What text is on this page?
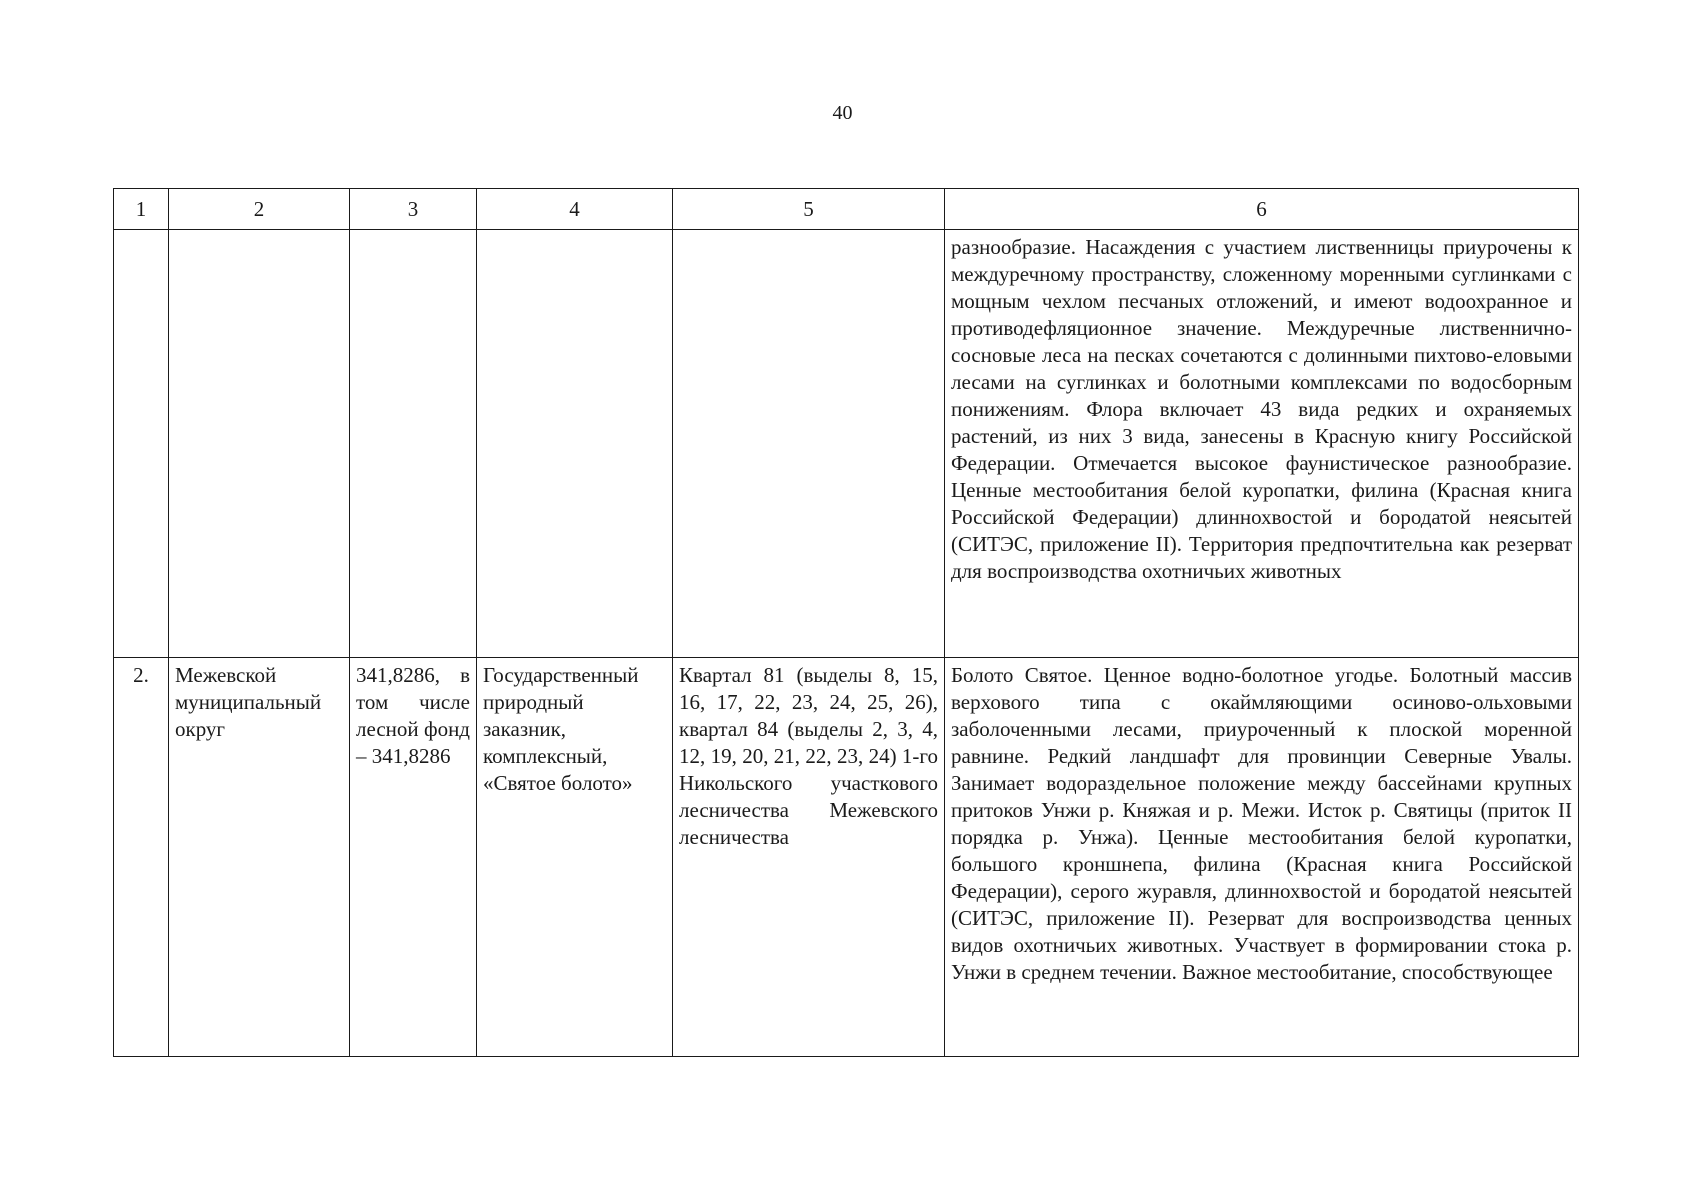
40
1	2	3	4	5	6
					разнообразие. Насаждения с участием лиственницы приурочены к междуречному пространству, сложенному моренными суглинками с мощным чехлом песчаных отложений, и имеют водоохранное и противодефляционное значение. Междуречные лиственнично-сосновые леса на песках сочетаются с долинными пихтово-еловыми лесами на суглинках и болотными комплексами по водосборным понижениям. Флора включает 43 вида редких и охраняемых растений, из них 3 вида, занесены в Красную книгу Российской Федерации. Отмечается высокое фаунистическое разнообразие. Ценные местообитания белой куропатки, филина (Красная книга Российской Федерации) длиннохвостой и бородатой неясытей (СИТЭС, приложение II). Территория предпочтительна как резерват для воспроизводства охотничьих животных
2.	Межевской муниципальный округ	341,8286, в том числе лесной фонд – 341,8286	Государственный природный заказник, комплексный, «Святое болото»	Квартал 81 (выделы 8, 15, 16, 17, 22, 23, 24, 25, 26), квартал 84 (выделы 2, 3, 4, 12, 19, 20, 21, 22, 23, 24) 1-го Никольского участкового лесничества Межевского лесничества	Болото Святое. Ценное водно-болотное угодье. Болотный массив верхового типа с окаймляющими осиново-ольховыми заболоченными лесами, приуроченный к плоской моренной равнине. Редкий ландшафт для провинции Северные Увалы. Занимает водораздельное положение между бассейнами крупных притоков Унжи р. Княжая и р. Межи. Исток р. Святицы (приток II порядка р. Унжа). Ценные местообитания белой куропатки, большого кроншнепа, филина (Красная книга Российской Федерации), серого журавля, длиннохвостой и бородатой неясытей (СИТЭС, приложение II). Резерват для воспроизводства ценных видов охотничьих животных. Участвует в формировании стока р. Унжи в среднем течении. Важное местообитание, способствующее
